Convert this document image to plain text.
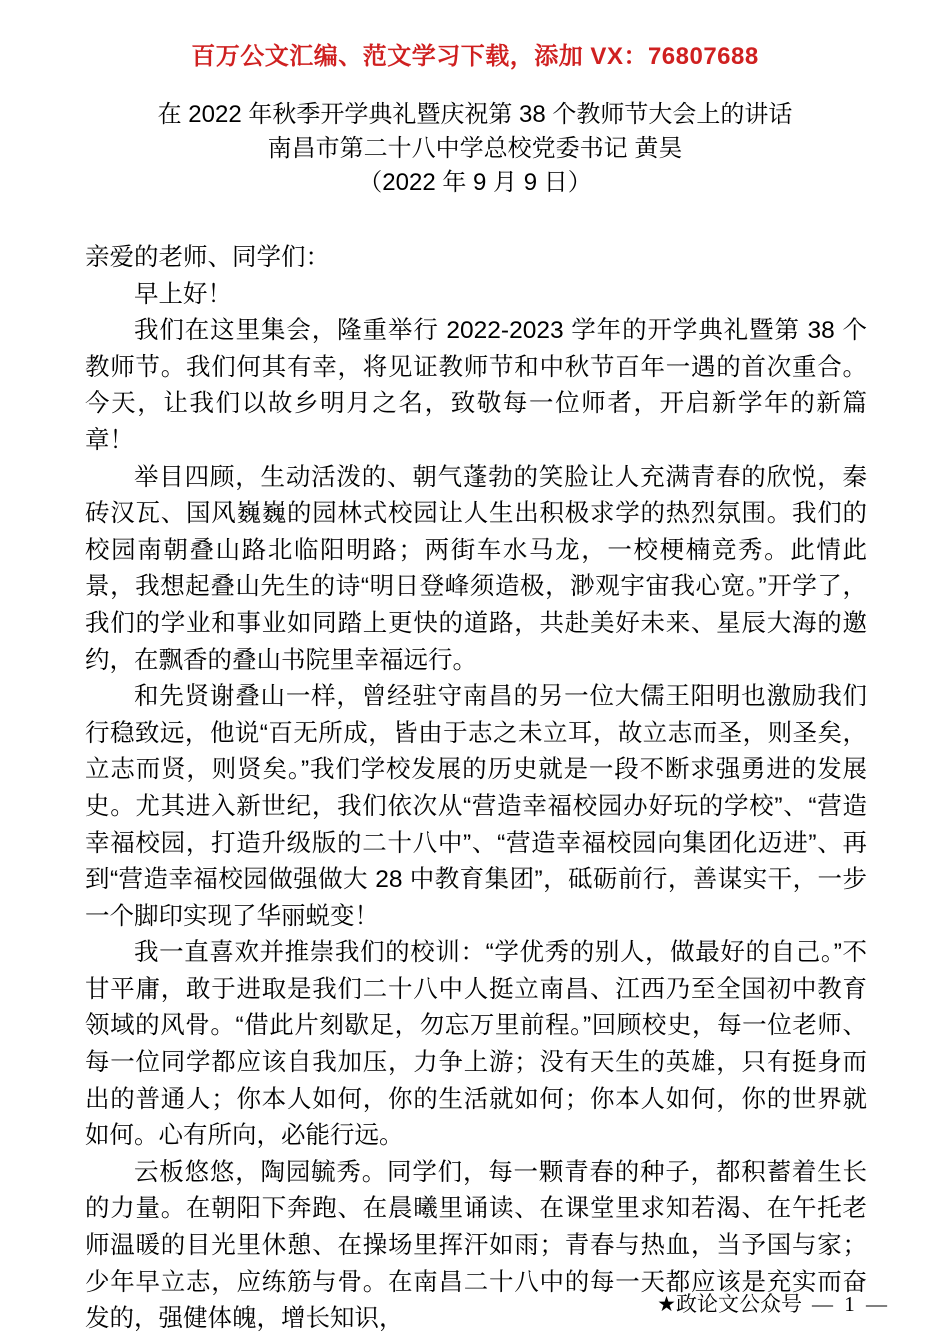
百万公文汇编、范文学习下载，添加 VX：76807688
在 2022 年秋季开学典礼暨庆祝第 38 个教师节大会上的讲话
南昌市第二十八中学总校党委书记 黄昊
（2022 年 9 月 9 日）

亲爱的老师、同学们：

早上好！

我们在这里集会，隆重举行 2022-2023 学年的开学典礼暨第 38 个教师节。我们何其有幸，将见证教师节和中秋节百年一遇的首次重合。今天，让我们以故乡明月之名，致敬每一位师者，开启新学年的新篇章！

举目四顾，生动活泼的、朝气蓬勃的笑脸让人充满青春的欣悦，秦砖汉瓦、国风巍巍的园林式校园让人生出积极求学的热烈氛围。我们的校园南朝叠山路北临阳明路；两街车水马龙，一校梗楠竞秀。此情此景，我想起叠山先生的诗“明日登峰须造极，渺观宇宙我心宽。”开学了，我们的学业和事业如同踏上更快的道路，共赴美好未来、星辰大海的邀约，在飘香的叠山书院里幸福远行。

和先贤谢叠山一样，曾经驻守南昌的另一位大儒王阳明也激励我们行稳致远，他说“百无所成，皆由于志之未立耳，故立志而圣，则圣矣，立志而贤，则贤矣。”我们学校发展的历史就是一段不断求强勇进的发展史。尤其进入新世纪，我们依次从“营造幸福校园办好玩的学校”、“营造幸福校园，打造升级版的二十八中”、“营造幸福校园向集团化迈进”、再到“营造幸福校园做强做大 28 中教育集团”，砥砺前行，善谋实干，一步一个脚印实现了华丽蜕变！

我一直喜欢并推崇我们的校训：“学优秀的别人，做最好的自己。”不甘平庸，敢于进取是我们二十八中人挺立南昌、江西乃至全国初中教育领域的风骨。“借此片刻歇足，勿忘万里前程。”回顾校史，每一位老师、每一位同学都应该自我加压，力争上游；没有天生的英雄，只有挺身而出的普通人；你本人如何，你的生活就如何；你本人如何，你的世界就如何。心有所向，必能行远。

云板悠悠，陶园毓秀。同学们，每一颗青春的种子，都积蓄着生长的力量。在朝阳下奔跑、在晨曦里诵读、在课堂里求知若渴、在午托老师温暖的目光里休憩、在操场里挥汗如雨；青春与热血，当予国与家；少年早立志，应练筋与骨。在南昌二十八中的每一天都应该是充实而奋发的，强健体魄，增长知识，

★政论文公众号 — 1 —
